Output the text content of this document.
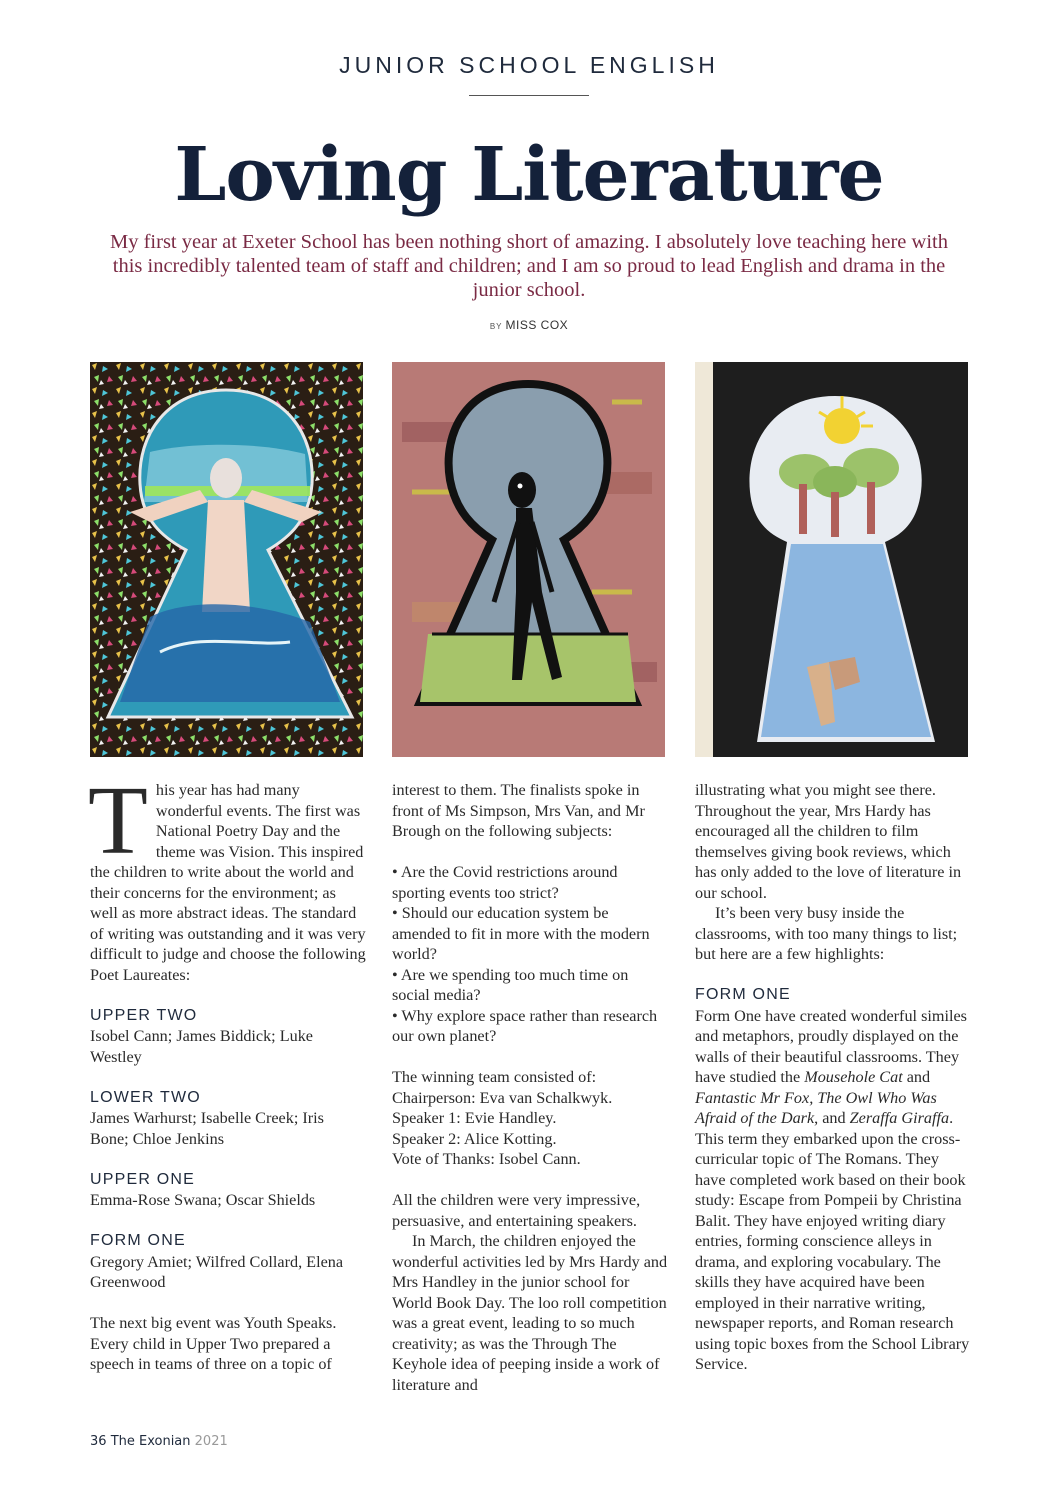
JUNIOR SCHOOL ENGLISH
Loving Literature

My first year at Exeter School has been nothing short of amazing. I absolutely love teaching here with this incredibly talented team of staff and children; and I am so proud to lead English and drama in the junior school.

BY MISS COX

This year has had many wonderful events. The first was National Poetry Day and the theme was Vision. This inspired the children to write about the world and their concerns for the environment; as well as more abstract ideas. The standard of writing was outstanding and it was very difficult to judge and choose the following Poet Laureates:

UPPER TWO

Isobel Cann; James Biddick; Luke Westley

LOWER TWO

James Warhurst; Isabelle Creek; Iris Bone; Chloe Jenkins

UPPER ONE

Emma-Rose Swana; Oscar Shields

FORM ONE

Gregory Amiet; Wilfred Collard, Elena Greenwood

The next big event was Youth Speaks. Every child in Upper Two prepared a speech in teams of three on a topic of

interest to them. The finalists spoke in front of Ms Simpson, Mrs Van, and Mr Brough on the following subjects:

• Are the Covid restrictions around sporting events too strict?

• Should our education system be amended to fit in more with the modern world?

• Are we spending too much time on social media?

• Why explore space rather than research our own planet?

The winning team consisted of:

Chairperson: Eva van Schalkwyk.

Speaker 1: Evie Handley.

Speaker 2: Alice Kotting.

Vote of Thanks: Isobel Cann.

All the children were very impressive, persuasive, and entertaining speakers.

In March, the children enjoyed the wonderful activities led by Mrs Hardy and Mrs Handley in the junior school for World Book Day. The loo roll competition was a great event, leading to so much creativity; as was the Through The Keyhole idea of peeping inside a work of literature and

illustrating what you might see there. Throughout the year, Mrs Hardy has encouraged all the children to film themselves giving book reviews, which has only added to the love of literature in our school.

It’s been very busy inside the classrooms, with too many things to list; but here are a few highlights:

FORM ONE

Form One have created wonderful similes and metaphors, proudly displayed on the walls of their beautiful classrooms. They have studied the Mousehole Cat and Fantastic Mr Fox, The Owl Who Was Afraid of the Dark, and Zeraffa Giraffa. This term they embarked upon the cross-curricular topic of The Romans. They have completed work based on their book study: Escape from Pompeii by Christina Balit. They have enjoyed writing diary entries, forming conscience alleys in drama, and exploring vocabulary. The skills they have acquired have been employed in their narrative writing, newspaper reports, and Roman research using topic boxes from the School Library Service.

36 The Exonian 2021
